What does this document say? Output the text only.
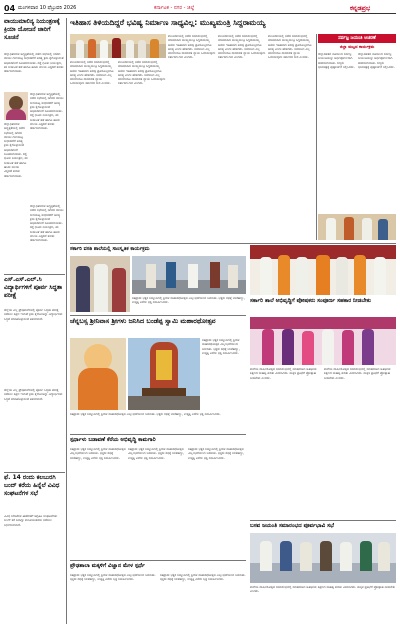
04 ಮಂಗಳವಾರ 10 ಫೆಬ್ರುವರಿ 2026	ಕರ್ನಾಟಕ - ನಗರ - ಜಿಲ್ಲೆ	ಕನ್ನಡಪ್ರಭ
ವಾಯುಮಾಲಿನ್ಯ ನಿಯಂತ್ರಣಕ್ಕೆ ಕ್ರಿಯಾ ಯೋಜನೆ ಜಾರಿಗೆ ಸೂಚನೆ
ಜಿಲ್ಲಾಧಿಕಾರಿಗಳ ಅಧ್ಯಕ್ಷತೆಯಲ್ಲಿ ನಡೆದ ಸಭೆಯಲ್ಲಿ ನಗರದ ವಾಯು ಗುಣಮಟ್ಟ ಸುಧಾರಣೆಗೆ ಅಗತ್ಯ ಕ್ರಮ ಕೈಗೊಳ್ಳುವಂತೆ ಅಧಿಕಾರಿಗಳಿಗೆ ಸೂಚಿಸಲಾಯಿತು. ರಸ್ತೆ ಧೂಳು ನಿಯಂತ್ರಣ, ಕಸ ಸುಡುವಿಕೆ ತಡೆ ಹಾಗೂ ಹಸಿರು ವಲಯ ವಿಸ್ತರಣೆ ಕುರಿತು ಚರ್ಚಿಸಲಾಯಿತು.
ಜಿಲ್ಲಾಧಿಕಾರಿಗಳ ಅಧ್ಯಕ್ಷತೆಯಲ್ಲಿ ನಡೆದ ಸಭೆಯಲ್ಲಿ ನಗರದ ವಾಯು ಗುಣಮಟ್ಟ ಸುಧಾರಣೆಗೆ ಅಗತ್ಯ ಕ್ರಮ ಕೈಗೊಳ್ಳುವಂತೆ ಅಧಿಕಾರಿಗಳಿಗೆ ಸೂಚಿಸಲಾಯಿತು. ರಸ್ತೆ ಧೂಳು ನಿಯಂತ್ರಣ, ಕಸ ಸುಡುವಿಕೆ ತಡೆ ಹಾಗೂ ಹಸಿರು ವಲಯ ವಿಸ್ತರಣೆ ಕುರಿತು ಚರ್ಚಿಸಲಾಯಿತು.
ಜಿಲ್ಲಾಧಿಕಾರಿಗಳ ಅಧ್ಯಕ್ಷತೆಯಲ್ಲಿ ನಡೆದ ಸಭೆಯಲ್ಲಿ ನಗರದ ವಾಯು ಗುಣಮಟ್ಟ ಸುಧಾರಣೆಗೆ ಅಗತ್ಯ ಕ್ರಮ ಕೈಗೊಳ್ಳುವಂತೆ ಅಧಿಕಾರಿಗಳಿಗೆ ಸೂಚಿಸಲಾಯಿತು. ರಸ್ತೆ ಧೂಳು ನಿಯಂತ್ರಣ, ಕಸ ಸುಡುವಿಕೆ ತಡೆ ಹಾಗೂ ಹಸಿರು ವಲಯ ವಿಸ್ತರಣೆ ಕುರಿತು ಚರ್ಚಿಸಲಾಯಿತು.
ಜಿಲ್ಲಾಧಿಕಾರಿಗಳ ಅಧ್ಯಕ್ಷತೆಯಲ್ಲಿ ನಡೆದ ಸಭೆಯಲ್ಲಿ ನಗರದ ವಾಯು ಗುಣಮಟ್ಟ ಸುಧಾರಣೆಗೆ ಅಗತ್ಯ ಕ್ರಮ ಕೈಗೊಳ್ಳುವಂತೆ ಅಧಿಕಾರಿಗಳಿಗೆ ಸೂಚಿಸಲಾಯಿತು. ರಸ್ತೆ ಧೂಳು ನಿಯಂತ್ರಣ, ಕಸ ಸುಡುವಿಕೆ ತಡೆ ಹಾಗೂ ಹಸಿರು ವಲಯ ವಿಸ್ತರಣೆ ಕುರಿತು ಚರ್ಚಿಸಲಾಯಿತು.
ಎಸ್.ಎಸ್.ಎಲ್.ಸಿ ವಿದ್ಯಾರ್ಥಿಗಳಿಗೆ ಪೂರ್ವ ಸಿದ್ಧತಾ ಪರೀಕ್ಷೆ
ಜಿಲ್ಲೆಯ ಎಲ್ಲ ಪ್ರೌಢಶಾಲೆಗಳಲ್ಲಿ ಪೂರ್ವ ಸಿದ್ಧತಾ ಪರೀಕ್ಷೆ ನಡೆಸಲು ಶಿಕ್ಷಣ ಇಲಾಖೆ ಕ್ರಮ ಕೈಗೊಂಡಿದ್ದು ವಿದ್ಯಾರ್ಥಿಗಳು ಸಿದ್ಧತೆ ಮಾಡಿಕೊಳ್ಳುವಂತೆ ತಿಳಿಸಲಾಗಿದೆ.
ಜಿಲ್ಲೆಯ ಎಲ್ಲ ಪ್ರೌಢಶಾಲೆಗಳಲ್ಲಿ ಪೂರ್ವ ಸಿದ್ಧತಾ ಪರೀಕ್ಷೆ ನಡೆಸಲು ಶಿಕ್ಷಣ ಇಲಾಖೆ ಕ್ರಮ ಕೈಗೊಂಡಿದ್ದು ವಿದ್ಯಾರ್ಥಿಗಳು ಸಿದ್ಧತೆ ಮಾಡಿಕೊಳ್ಳುವಂತೆ ತಿಳಿಸಲಾಗಿದೆ.
ಫೆ. 14 ರಂದು ಕಲಬುರಗಿ ಬಂದ್ ಕರೆಯ ಹಿನ್ನೆಲೆ ವಿವಿಧ ಸಂಘಟನೆಗಳ ಸಭೆ
ವಿವಿಧ ಬೇಡಿಕೆಗಳ ಈಡೇರಿಕೆಗೆ ಆಗ್ರಹಿಸಿ ಸಂಘಟನೆಗಳು ಬಂದ್ ಕರೆ ನೀಡಿದ್ದು ಶಾಂತಿಯುತವಾಗಿ ನಡೆಸಲು ನಿರ್ಧರಿಸಲಾಗಿದೆ.
ಇತಿಹಾಸ ತಿಳಿಯದಿದ್ದರೆ ಭವಿಷ್ಯ ನಿರ್ಮಾಣ ಸಾಧ್ಯವಿಲ್ಲ: ಮುಖ್ಯಮಂತ್ರಿ ಸಿದ್ದರಾಮಯ್ಯ
ಕಲಬುರಗಿಯಲ್ಲಿ ನಡೆದ ಸಮಾರಂಭದಲ್ಲಿ ಮಾತನಾಡಿದ ಮುಖ್ಯಮಂತ್ರಿ ಸಿದ್ದರಾಮಯ್ಯ ಅವರು ಇತಿಹಾಸದ ಅರಿವು ಪ್ರತಿಯೊಬ್ಬರಿಗೂ ಅಗತ್ಯ ಎಂದು ಹೇಳಿದರು. ಸಮಾಜದ ಎಲ್ಲ ವರ್ಗಗಳಿಗೂ ಸಾಮಾಜಿಕ ನ್ಯಾಯ ಒದಗಿಸುವುದು ಸರ್ಕಾರದ ಗುರಿ ಎಂದರು.
ಕಲಬುರಗಿಯಲ್ಲಿ ನಡೆದ ಸಮಾರಂಭದಲ್ಲಿ ಮಾತನಾಡಿದ ಮುಖ್ಯಮಂತ್ರಿ ಸಿದ್ದರಾಮಯ್ಯ ಅವರು ಇತಿಹಾಸದ ಅರಿವು ಪ್ರತಿಯೊಬ್ಬರಿಗೂ ಅಗತ್ಯ ಎಂದು ಹೇಳಿದರು. ಸಮಾಜದ ಎಲ್ಲ ವರ್ಗಗಳಿಗೂ ಸಾಮಾಜಿಕ ನ್ಯಾಯ ಒದಗಿಸುವುದು ಸರ್ಕಾರದ ಗುರಿ ಎಂದರು.
ಕಲಬುರಗಿಯಲ್ಲಿ ನಡೆದ ಸಮಾರಂಭದಲ್ಲಿ ಮಾತನಾಡಿದ ಮುಖ್ಯಮಂತ್ರಿ ಸಿದ್ದರಾಮಯ್ಯ ಅವರು ಇತಿಹಾಸದ ಅರಿವು ಪ್ರತಿಯೊಬ್ಬರಿಗೂ ಅಗತ್ಯ ಎಂದು ಹೇಳಿದರು. ಸಮಾಜದ ಎಲ್ಲ ವರ್ಗಗಳಿಗೂ ಸಾಮಾಜಿಕ ನ್ಯಾಯ ಒದಗಿಸುವುದು ಸರ್ಕಾರದ ಗುರಿ ಎಂದರು.
ಕಲಬುರಗಿಯಲ್ಲಿ ನಡೆದ ಸಮಾರಂಭದಲ್ಲಿ ಮಾತನಾಡಿದ ಮುಖ್ಯಮಂತ್ರಿ ಸಿದ್ದರಾಮಯ್ಯ ಅವರು ಇತಿಹಾಸದ ಅರಿವು ಪ್ರತಿಯೊಬ್ಬರಿಗೂ ಅಗತ್ಯ ಎಂದು ಹೇಳಿದರು. ಸಮಾಜದ ಎಲ್ಲ ವರ್ಗಗಳಿಗೂ ಸಾಮಾಜಿಕ ನ್ಯಾಯ ಒದಗಿಸುವುದು ಸರ್ಕಾರದ ಗುರಿ ಎಂದರು.
ಕಲಬುರಗಿಯಲ್ಲಿ ನಡೆದ ಸಮಾರಂಭದಲ್ಲಿ ಮಾತನಾಡಿದ ಮುಖ್ಯಮಂತ್ರಿ ಸಿದ್ದರಾಮಯ್ಯ ಅವರು ಇತಿಹಾಸದ ಅರಿವು ಪ್ರತಿಯೊಬ್ಬರಿಗೂ ಅಗತ್ಯ ಎಂದು ಹೇಳಿದರು. ಸಮಾಜದ ಎಲ್ಲ ವರ್ಗಗಳಿಗೂ ಸಾಮಾಜಿಕ ನ್ಯಾಯ ಒದಗಿಸುವುದು ಸರ್ಕಾರದ ಗುರಿ ಎಂದರು.
ಸರ್ವಜ್ಞ ಜಯಂತಿ ಆಚರಣೆ
ಜಿಲ್ಲಾ ಮಟ್ಟದ ಕಾರ್ಯಕ್ರಮ
ಜಿಲ್ಲಾಡಳಿತದ ವತಿಯಿಂದ ಸರ್ವಜ್ಞ ಜಯಂತಿಯನ್ನು ಅರ್ಥಪೂರ್ಣವಾಗಿ ಆಚರಿಸಲಾಯಿತು. ಗಣ್ಯರು ಭಾವಚಿತ್ರಕ್ಕೆ ಪುಷ್ಪಾರ್ಚನೆ ಸಲ್ಲಿಸಿದರು.
ಜಿಲ್ಲಾಡಳಿತದ ವತಿಯಿಂದ ಸರ್ವಜ್ಞ ಜಯಂತಿಯನ್ನು ಅರ್ಥಪೂರ್ಣವಾಗಿ ಆಚರಿಸಲಾಯಿತು. ಗಣ್ಯರು ಭಾವಚಿತ್ರಕ್ಕೆ ಪುಷ್ಪಾರ್ಚನೆ ಸಲ್ಲಿಸಿದರು.
ಸರ್ಕಾರಿ ವಸತಿ ಶಾಲೆಯಲ್ಲಿ ಸಾಂಸ್ಕೃತಿಕ ಕಾರ್ಯಕ್ರಮ
ಸಹಸ್ರಾರು ಭಕ್ತರ ಸಮ್ಮುಖದಲ್ಲಿ ಶ್ರೀಗಳ ಮಹಾರಥೋತ್ಸವ ವಿಜೃಂಭಣೆಯಿಂದ ಜರುಗಿತು. ಭಕ್ತರು ರಥಕ್ಕೆ ಬಾಳೆಹಣ್ಣು, ಉತ್ತತ್ತಿ ಎಸೆದು ಭಕ್ತಿ ಸಮರ್ಪಿಸಿದರು.	ಸರ್ಕಾರಿ ಶಾಲೆ ಅಭಿವೃದ್ಧಿಗೆ ಪೋಷಕರು ಸಂಪೂರ್ಣ ಸಹಕಾರ ನೀಡಬೇಕು
ಚೆನ್ನಬಸ್ಸ ಶ್ರೀನಿವಾಸ ಶ್ರೀಗಳು ಜನಿಸಿದ ಬಂಡೆಪ್ಪ ಸ್ವಾಮಿ ಮಹಾರಥೋತ್ಸವ
ಸಹಸ್ರಾರು ಭಕ್ತರ ಸಮ್ಮುಖದಲ್ಲಿ ಶ್ರೀಗಳ ಮಹಾರಥೋತ್ಸವ ವಿಜೃಂಭಣೆಯಿಂದ ಜರುಗಿತು. ಭಕ್ತರು ರಥಕ್ಕೆ ಬಾಳೆಹಣ್ಣು, ಉತ್ತತ್ತಿ ಎಸೆದು ಭಕ್ತಿ ಸಮರ್ಪಿಸಿದರು.
ಸಹಸ್ರಾರು ಭಕ್ತರ ಸಮ್ಮುಖದಲ್ಲಿ ಶ್ರೀಗಳ ಮಹಾರಥೋತ್ಸವ ವಿಜೃಂಭಣೆಯಿಂದ ಜರುಗಿತು. ಭಕ್ತರು ರಥಕ್ಕೆ ಬಾಳೆಹಣ್ಣು, ಉತ್ತತ್ತಿ ಎಸೆದು ಭಕ್ತಿ ಸಮರ್ಪಿಸಿದರು.
ಶಾಲೆಯ ವಾರ್ಷಿಕೋತ್ಸವ ಸಮಾರಂಭದಲ್ಲಿ ಮಾತನಾಡಿದ ಅತಿಥಿಗಳು ಶಿಕ್ಷಣದ ಮಹತ್ವ ಕುರಿತು ವಿವರಿಸಿದರು. ಮಕ್ಕಳ ಪ್ರತಿಭೆಗೆ ಪ್ರೋತ್ಸಾಹ ನೀಡಬೇಕು ಎಂದರು.
ಶಾಲೆಯ ವಾರ್ಷಿಕೋತ್ಸವ ಸಮಾರಂಭದಲ್ಲಿ ಮಾತನಾಡಿದ ಅತಿಥಿಗಳು ಶಿಕ್ಷಣದ ಮಹತ್ವ ಕುರಿತು ವಿವರಿಸಿದರು. ಮಕ್ಕಳ ಪ್ರತಿಭೆಗೆ ಪ್ರೋತ್ಸಾಹ ನೀಡಬೇಕು ಎಂದರು.
ಸ್ಪರ್ಧಾಳು ಬಡಾವಣೆ ಕೆರೆಯ ಅಭಿವೃದ್ಧಿ ಕಾಮಗಾರಿ
ಸಹಸ್ರಾರು ಭಕ್ತರ ಸಮ್ಮುಖದಲ್ಲಿ ಶ್ರೀಗಳ ಮಹಾರಥೋತ್ಸವ ವಿಜೃಂಭಣೆಯಿಂದ ಜರುಗಿತು. ಭಕ್ತರು ರಥಕ್ಕೆ ಬಾಳೆಹಣ್ಣು, ಉತ್ತತ್ತಿ ಎಸೆದು ಭಕ್ತಿ ಸಮರ್ಪಿಸಿದರು.
ಸಹಸ್ರಾರು ಭಕ್ತರ ಸಮ್ಮುಖದಲ್ಲಿ ಶ್ರೀಗಳ ಮಹಾರಥೋತ್ಸವ ವಿಜೃಂಭಣೆಯಿಂದ ಜರುಗಿತು. ಭಕ್ತರು ರಥಕ್ಕೆ ಬಾಳೆಹಣ್ಣು, ಉತ್ತತ್ತಿ ಎಸೆದು ಭಕ್ತಿ ಸಮರ್ಪಿಸಿದರು.
ಸಹಸ್ರಾರು ಭಕ್ತರ ಸಮ್ಮುಖದಲ್ಲಿ ಶ್ರೀಗಳ ಮಹಾರಥೋತ್ಸವ ವಿಜೃಂಭಣೆಯಿಂದ ಜರುಗಿತು. ಭಕ್ತರು ರಥಕ್ಕೆ ಬಾಳೆಹಣ್ಣು, ಉತ್ತತ್ತಿ ಎಸೆದು ಭಕ್ತಿ ಸಮರ್ಪಿಸಿದರು.
ಪ್ರೌಢಶಾಲಾ ಮಕ್ಕಳಿಗೆ ವಿಜ್ಞಾನ ಮೇಳ ಸ್ಪರ್ಧೆ
ಸಹಸ್ರಾರು ಭಕ್ತರ ಸಮ್ಮುಖದಲ್ಲಿ ಶ್ರೀಗಳ ಮಹಾರಥೋತ್ಸವ ವಿಜೃಂಭಣೆಯಿಂದ ಜರುಗಿತು. ಭಕ್ತರು ರಥಕ್ಕೆ ಬಾಳೆಹಣ್ಣು, ಉತ್ತತ್ತಿ ಎಸೆದು ಭಕ್ತಿ ಸಮರ್ಪಿಸಿದರು.
ಸಹಸ್ರಾರು ಭಕ್ತರ ಸಮ್ಮುಖದಲ್ಲಿ ಶ್ರೀಗಳ ಮಹಾರಥೋತ್ಸವ ವಿಜೃಂಭಣೆಯಿಂದ ಜರುಗಿತು. ಭಕ್ತರು ರಥಕ್ಕೆ ಬಾಳೆಹಣ್ಣು, ಉತ್ತತ್ತಿ ಎಸೆದು ಭಕ್ತಿ ಸಮರ್ಪಿಸಿದರು.
ಬಸವ ಜಯಂತಿ ಸಮಾರಂಭದ ಪೂರ್ವಭಾವಿ ಸಭೆ
ಶಾಲೆಯ ವಾರ್ಷಿಕೋತ್ಸವ ಸಮಾರಂಭದಲ್ಲಿ ಮಾತನಾಡಿದ ಅತಿಥಿಗಳು ಶಿಕ್ಷಣದ ಮಹತ್ವ ಕುರಿತು ವಿವರಿಸಿದರು. ಮಕ್ಕಳ ಪ್ರತಿಭೆಗೆ ಪ್ರೋತ್ಸಾಹ ನೀಡಬೇಕು ಎಂದರು.
